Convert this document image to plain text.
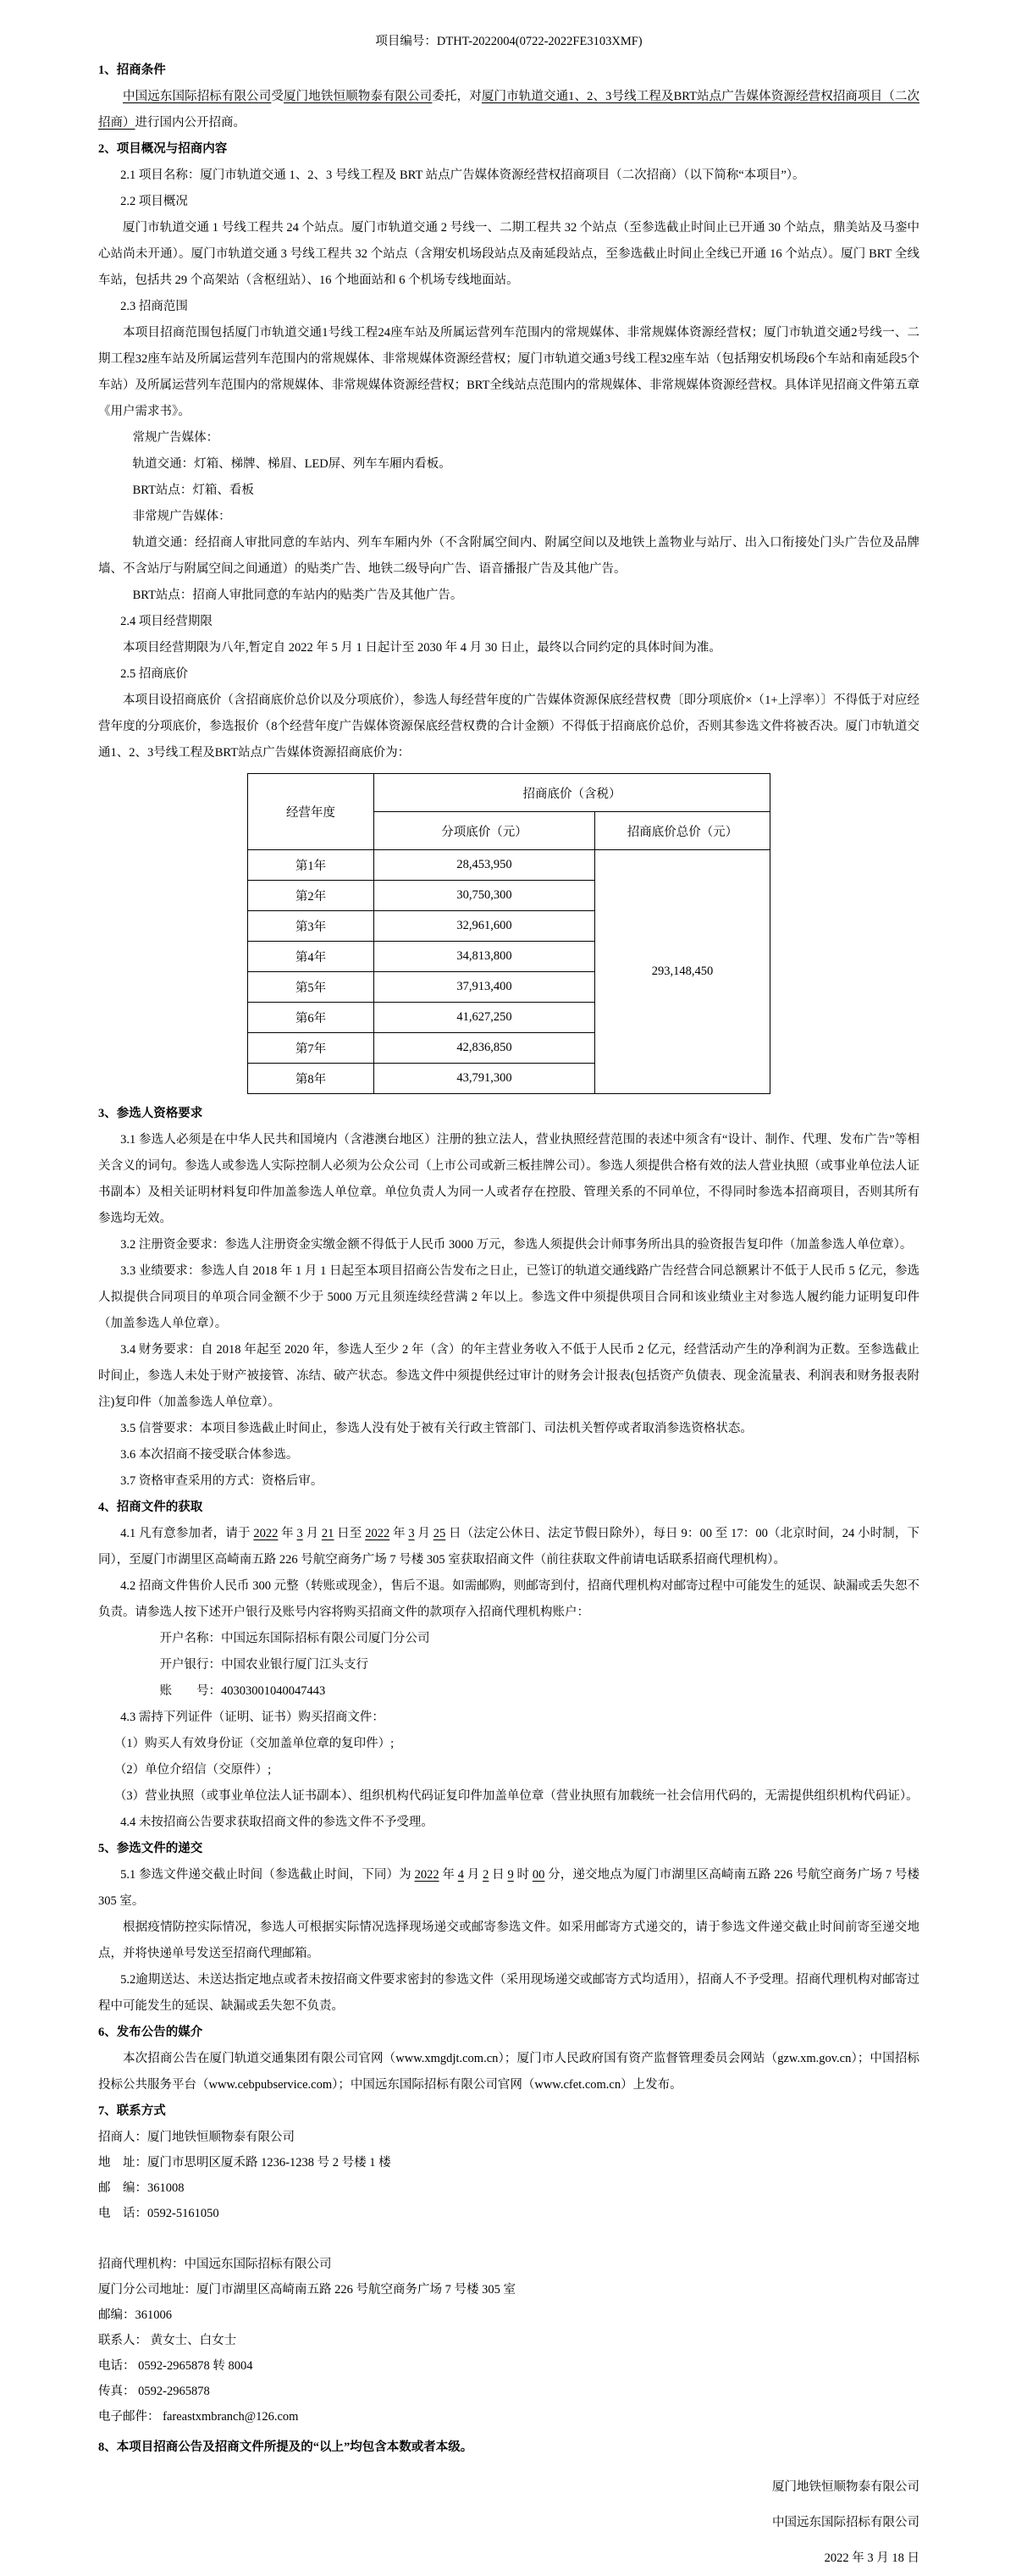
项目编号：DTHT-2022004(0722-2022FE3103XMF)

1、招商条件

中国远东国际招标有限公司受厦门地铁恒顺物泰有限公司委托，对厦门市轨道交通1、2、3号线工程及BRT站点广告媒体资源经营权招商项目（二次招商）进行国内公开招商。

2、项目概况与招商内容

2.1 项目名称：厦门市轨道交通 1、2、3 号线工程及 BRT 站点广告媒体资源经营权招商项目（二次招商）（以下简称“本项目”）。

2.2 项目概况

厦门市轨道交通 1 号线工程共 24 个站点。厦门市轨道交通 2 号线一、二期工程共 32 个站点（至参选截止时间止已开通 30 个站点，鼎美站及马銮中心站尚未开通）。厦门市轨道交通 3 号线工程共 32 个站点（含翔安机场段站点及南延段站点，至参选截止时间止全线已开通 16 个站点）。厦门 BRT 全线车站，包括共 29 个高架站（含枢纽站）、16 个地面站和 6 个机场专线地面站。

2.3 招商范围

本项目招商范围包括厦门市轨道交通1号线工程24座车站及所属运营列车范围内的常规媒体、非常规媒体资源经营权；厦门市轨道交通2号线一、二期工程32座车站及所属运营列车范围内的常规媒体、非常规媒体资源经营权；厦门市轨道交通3号线工程32座车站（包括翔安机场段6个车站和南延段5个车站）及所属运营列车范围内的常规媒体、非常规媒体资源经营权；BRT全线站点范围内的常规媒体、非常规媒体资源经营权。具体详见招商文件第五章《用户需求书》。

常规广告媒体：

轨道交通：灯箱、梯牌、梯眉、LED屏、列车车厢内看板。

BRT站点：灯箱、看板

非常规广告媒体：

轨道交通：经招商人审批同意的车站内、列车车厢内外（不含附属空间内、附属空间以及地铁上盖物业与站厅、出入口衔接处门头广告位及品牌墙、不含站厅与附属空间之间通道）的贴类广告、地铁二级导向广告、语音播报广告及其他广告。

BRT站点：招商人审批同意的车站内的贴类广告及其他广告。

2.4 项目经营期限

本项目经营期限为八年,暂定自 2022 年 5 月 1 日起计至 2030 年 4 月 30 日止，最终以合同约定的具体时间为准。

2.5 招商底价

本项目设招商底价（含招商底价总价以及分项底价），参选人每经营年度的广告媒体资源保底经营权费〔即分项底价×（1+上浮率）〕不得低于对应经营年度的分项底价，参选报价（8个经营年度广告媒体资源保底经营权费的合计金额）不得低于招商底价总价，否则其参选文件将被否决。厦门市轨道交通1、2、3号线工程及BRT站点广告媒体资源招商底价为：

经营年度	招商底价（含税）	
	分项底价（元）	招商底价总价（元）
第1年	28,453,950	293,148,450
第2年	30,750,300	
第3年	32,961,600	
第4年	34,813,800	
第5年	37,913,400	
第6年	41,627,250	
第7年	42,836,850	
第8年	43,791,300	

3、参选人资格要求

3.1 参选人必须是在中华人民共和国境内（含港澳台地区）注册的独立法人，营业执照经营范围的表述中须含有“设计、制作、代理、发布广告”等相关含义的词句。参选人或参选人实际控制人必须为公众公司（上市公司或新三板挂牌公司）。参选人须提供合格有效的法人营业执照（或事业单位法人证书副本）及相关证明材料复印件加盖参选人单位章。单位负责人为同一人或者存在控股、管理关系的不同单位，不得同时参选本招商项目，否则其所有参选均无效。

3.2 注册资金要求：参选人注册资金实缴金额不得低于人民币 3000 万元，参选人须提供会计师事务所出具的验资报告复印件（加盖参选人单位章）。

3.3 业绩要求：参选人自 2018 年 1 月 1 日起至本项目招商公告发布之日止，已签订的轨道交通线路广告经营合同总额累计不低于人民币 5 亿元，参选人拟提供合同项目的单项合同金额不少于 5000 万元且须连续经营满 2 年以上。参选文件中须提供项目合同和该业绩业主对参选人履约能力证明复印件（加盖参选人单位章）。

3.4 财务要求：自 2018 年起至 2020 年，参选人至少 2 年（含）的年主营业务收入不低于人民币 2 亿元，经营活动产生的净利润为正数。至参选截止时间止，参选人未处于财产被接管、冻结、破产状态。参选文件中须提供经过审计的财务会计报表(包括资产负债表、现金流量表、利润表和财务报表附注)复印件（加盖参选人单位章）。

3.5 信誉要求：本项目参选截止时间止，参选人没有处于被有关行政主管部门、司法机关暂停或者取消参选资格状态。

3.6 本次招商不接受联合体参选。

3.7 资格审查采用的方式：资格后审。

4、招商文件的获取

4.1 凡有意参加者，请于 2022 年 3 月 21 日至 2022 年 3 月 25 日（法定公休日、法定节假日除外），每日 9：00 至 17：00（北京时间，24 小时制，下同），至厦门市湖里区高崎南五路 226 号航空商务广场 7 号楼 305 室获取招商文件（前往获取文件前请电话联系招商代理机构）。

4.2 招商文件售价人民币 300 元整（转账或现金），售后不退。如需邮购，则邮寄到付，招商代理机构对邮寄过程中可能发生的延误、缺漏或丢失恕不负责。请参选人按下述开户银行及账号内容将购买招商文件的款项存入招商代理机构账户：

开户名称：中国远东国际招标有限公司厦门分公司

开户银行：中国农业银行厦门江头支行

账　　号：40303001040047443

4.3 需持下列证件（证明、证书）购买招商文件：

（1）购买人有效身份证（交加盖单位章的复印件）;

（2）单位介绍信（交原件）;

（3）营业执照（或事业单位法人证书副本）、组织机构代码证复印件加盖单位章（营业执照有加载统一社会信用代码的，无需提供组织机构代码证）。

4.4 未按招商公告要求获取招商文件的参选文件不予受理。

5、参选文件的递交

5.1 参选文件递交截止时间（参选截止时间，下同）为 2022 年 4 月 2 日 9 时 00 分，递交地点为厦门市湖里区高崎南五路 226 号航空商务广场 7 号楼 305 室。

根据疫情防控实际情况，参选人可根据实际情况选择现场递交或邮寄参选文件。如采用邮寄方式递交的，请于参选文件递交截止时间前寄至递交地点，并将快递单号发送至招商代理邮箱。

5.2逾期送达、未送达指定地点或者未按招商文件要求密封的参选文件（采用现场递交或邮寄方式均适用），招商人不予受理。招商代理机构对邮寄过程中可能发生的延误、缺漏或丢失恕不负责。

6、发布公告的媒介

本次招商公告在厦门轨道交通集团有限公司官网（www.xmgdjt.com.cn）；厦门市人民政府国有资产监督管理委员会网站（gzw.xm.gov.cn）；中国招标投标公共服务平台（www.cebpubservice.com）；中国远东国际招标有限公司官网（www.cfet.com.cn）上发布。

7、联系方式

招商人：厦门地铁恒顺物泰有限公司

地　址：厦门市思明区厦禾路 1236-1238 号 2 号楼 1 楼

邮　编：361008

电　话：0592-5161050

招商代理机构：中国远东国际招标有限公司

厦门分公司地址：厦门市湖里区高崎南五路 226 号航空商务广场 7 号楼 305 室

邮编：361006

联系人： 黄女士、白女士

电话： 0592-2965878 转 8004

传真： 0592-2965878

电子邮件： fareastxmbranch@126.com

8、本项目招商公告及招商文件所提及的“以上”均包含本数或者本级。

厦门地铁恒顺物泰有限公司

中国远东国际招标有限公司

2022 年 3 月 18 日
